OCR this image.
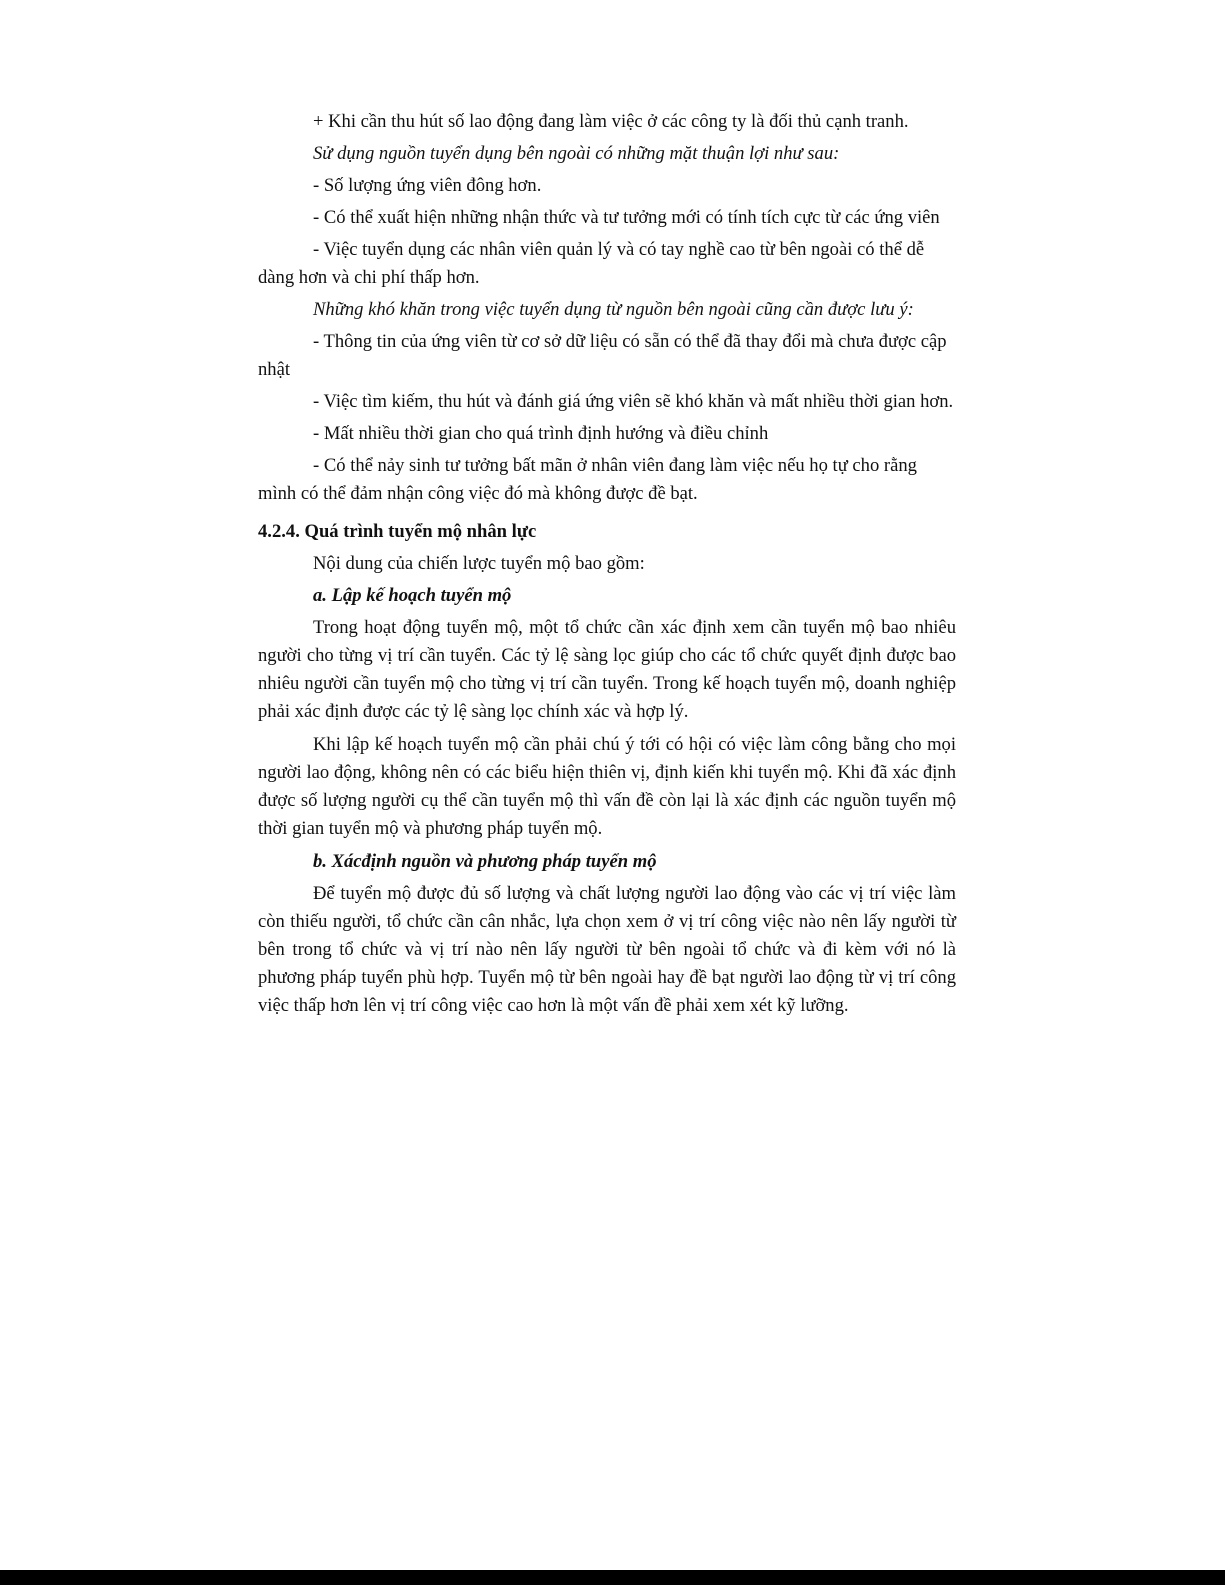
+ Khi cần thu hút số lao động đang làm việc ở các công ty là đối thủ cạnh tranh.

Sử dụng nguồn tuyển dụng bên ngoài có những mặt thuận lợi như sau:

- Số lượng ứng viên đông hơn.

- Có thể xuất hiện những nhận thức và tư tưởng mới có tính tích cực từ các ứng viên

- Việc tuyển dụng các nhân viên quản lý và có tay nghề cao từ bên ngoài có thể dễ dàng hơn và chi phí thấp hơn.

Những khó khăn trong việc tuyển dụng từ nguồn bên ngoài cũng cần được lưu ý:

- Thông tin của ứng viên từ cơ sở dữ liệu có sẵn có thể đã thay đổi mà chưa được cập nhật

- Việc tìm kiếm, thu hút và đánh giá ứng viên sẽ khó khăn và mất nhiều thời gian hơn.

- Mất nhiều thời gian cho quá trình định hướng và điều chỉnh

- Có thể nảy sinh tư tưởng bất mãn ở nhân viên đang làm việc nếu họ tự cho rằng mình có thể đảm nhận công việc đó mà không được đề bạt.

4.2.4. Quá trình tuyển mộ nhân lực

Nội dung của chiến lược tuyển mộ bao gồm:

a. Lập kế hoạch tuyển mộ

Trong hoạt động tuyển mộ, một tổ chức cần xác định xem cần tuyển mộ bao nhiêu người cho từng vị trí cần tuyển. Các tỷ lệ sàng lọc giúp cho các tổ chức quyết định được bao nhiêu người cần tuyển mộ cho từng vị trí cần tuyển. Trong kế hoạch tuyển mộ, doanh nghiệp phải xác định được các tỷ lệ sàng lọc chính xác và hợp lý.

Khi lập kế hoạch tuyển mộ cần phải chú ý tới có hội có việc làm công bằng cho mọi người lao động, không nên có các biểu hiện thiên vị, định kiến khi tuyển mộ. Khi đã xác định được số lượng người cụ thể cần tuyển mộ thì vấn đề còn lại là xác định các nguồn tuyển mộ thời gian tuyển mộ và phương pháp tuyển mộ.

b. Xácđịnh nguồn và phương pháp tuyển mộ

Để tuyển mộ được đủ số lượng và chất lượng người lao động vào các vị trí việc làm còn thiếu người, tổ chức cần cân nhắc, lựa chọn xem ở vị trí công việc nào nên lấy người từ bên trong tổ chức và vị trí nào nên lấy người từ bên ngoài tổ chức và đi kèm với nó là phương pháp tuyển phù hợp. Tuyển mộ từ bên ngoài hay đề bạt người lao động từ vị trí công việc thấp hơn lên vị trí công việc cao hơn là một vấn đề phải xem xét kỹ lưỡng.
